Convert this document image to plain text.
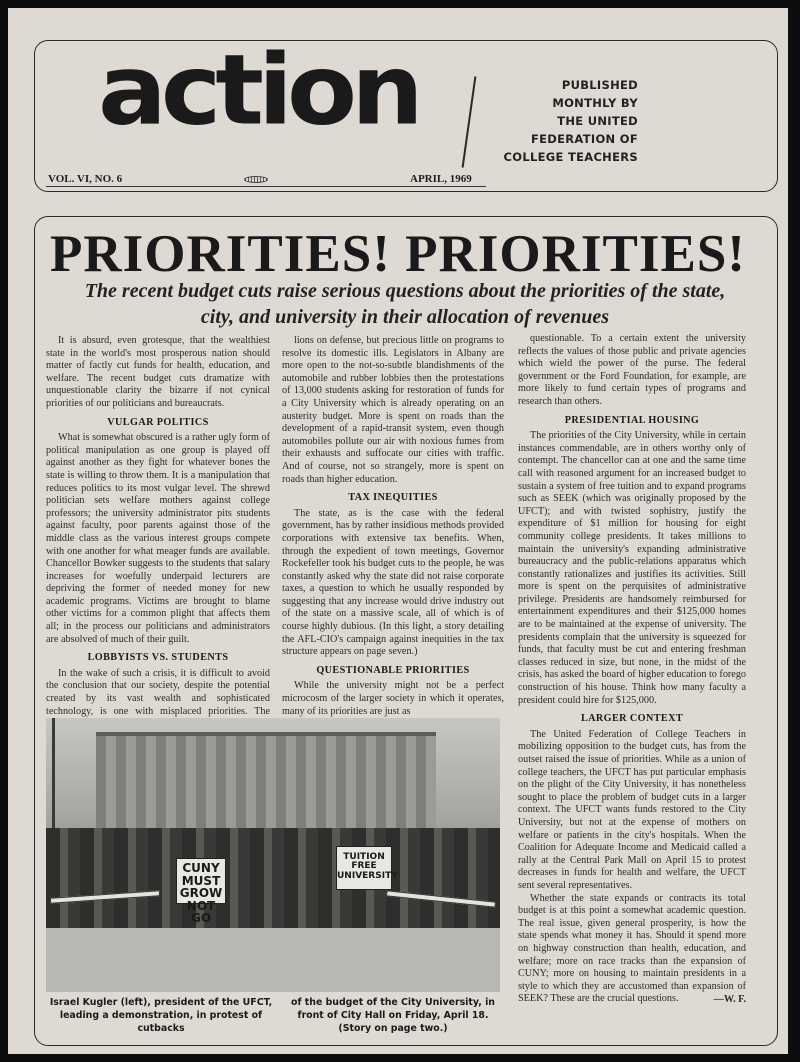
action	PUBLISHED
MONTHLY BY
THE UNITED
FEDERATION OF
COLLEGE TEACHERS
VOL. VI, NO. 6	APRIL, 1969
PRIORITIES! PRIORITIES!
The recent budget cuts raise serious questions about the priorities of the state, city, and university in their allocation of revenues

It is absurd, even grotesque, that the wealthiest state in the world's most prosperous nation should matter of factly cut funds for health, education, and welfare. The recent budget cuts dramatize with unquestionable clarity the bizarre if not cynical priorities of our politicians and bureaucrats.

VULGAR POLITICS

What is somewhat obscured is a rather ugly form of political manipulation as one group is played off against another as they fight for whatever bones the state is willing to throw them. It is a manipulation that reduces politics to its most vulgar level. The shrewd politician sets welfare mothers against college professors; the university administrator pits students against faculty, poor parents against those of the middle class as the various interest groups compete with one another for what meager funds are available. Chancellor Bowker suggests to the students that salary increases for woefully underpaid lecturers are depriving the former of needed money for new academic programs. Victims are brought to blame other victims for a common plight that affects them all; in the process our politicians and administrators are absolved of much of their guilt.

LOBBYISTS VS. STUDENTS

In the wake of such a crisis, it is difficult to avoid the conclusion that our society, despite the potential created by its vast wealth and sophisticated technology, is one with misplaced priorities. The

lions on defense, but precious little on programs to resolve its domestic ills. Legislators in Albany are more open to the not-so-subtle blandishments of the automobile and rubber lobbies then the protestations of 13,000 students asking for restoration of funds for a City University which is already operating on an austerity budget. More is spent on roads than the development of a rapid-transit system, even though automobiles pollute our air with noxious fumes from their exhausts and suffocate our cities with traffic. And of course, not so strangely, more is spent on roads than higher education.

TAX INEQUITIES

The state, as is the case with the federal government, has by rather insidious methods provided corporations with extensive tax benefits. When, through the expedient of town meetings, Governor Rockefeller took his budget cuts to the people, he was constantly asked why the state did not raise corporate taxes, a question to which he usually responded by suggesting that any increase would drive industry out of the state on a massive scale, all of which is of course highly dubious. (In this light, a story detailing the AFL-CIO's campaign against inequities in the tax structure appears on page seven.)

QUESTIONABLE PRIORITIES

While the university might not be a perfect microcosm of the larger society in which it operates, many of its priorities are just as

questionable. To a certain extent the university reflects the values of those public and private agencies which wield the power of the purse. The federal government or the Ford Foundation, for example, are more likely to fund certain types of programs and research than others.

PRESIDENTIAL HOUSING

The priorities of the City University, while in certain instances commendable, are in others worthy only of contempt. The chancellor can at one and the same time call with reasoned argument for an increased budget to sustain a system of free tuition and to expand programs such as SEEK (which was originally proposed by the UFCT); and with twisted sophistry, justify the expenditure of $1 million for housing for eight community college presidents. It takes millions to maintain the university's expanding administrative bureaucracy and the public-relations apparatus which constantly rationalizes and justifies its activities. Still more is spent on the perquisites of administrative privilege. Presidents are handsomely reimbursed for entertainment expenditures and their $125,000 homes are to be maintained at the expense of university. The presidents complain that the university is squeezed for funds, that faculty must be cut and entering freshman classes reduced in size, but none, in the midst of the crisis, has asked the board of higher education to forego construction of his house. Think how many faculty a president could hire for $125,000.

LARGER CONTEXT

The United Federation of College Teachers in mobilizing opposition to the budget cuts, has from the outset raised the issue of priorities. While as a union of college teachers, the UFCT has put particular emphasis on the plight of the City University, it has nonetheless sought to place the problem of budget cuts in a larger context. The UFCT wants funds restored to the City University, but not at the expense of mothers on welfare or patients in the city's hospitals. When the Coalition for Adequate Income and Medicaid called a rally at the Central Park Mall on April 15 to protest decreases in funds for health and welfare, the UFCT sent several representatives.

Whether the state expands or contracts its total budget is at this point a somewhat academic question. The real issue, given general prosperity, is how the state spends what money it has. Should it spend more on highway construction than health, education, and welfare; more on race tracks than the expansion of CUNY; more on housing to maintain presidents in a style to which they are accustomed than expansion of SEEK? These are the crucial questions.	—W. F.
CUNY MUST GROW NOT GO
TUITION FREE UNIVERSITY
Israel Kugler (left), president of the UFCT, leading a demonstration, in protest of cutbacks
of the budget of the City University, in front of City Hall on Friday, April 18. (Story on page two.)
